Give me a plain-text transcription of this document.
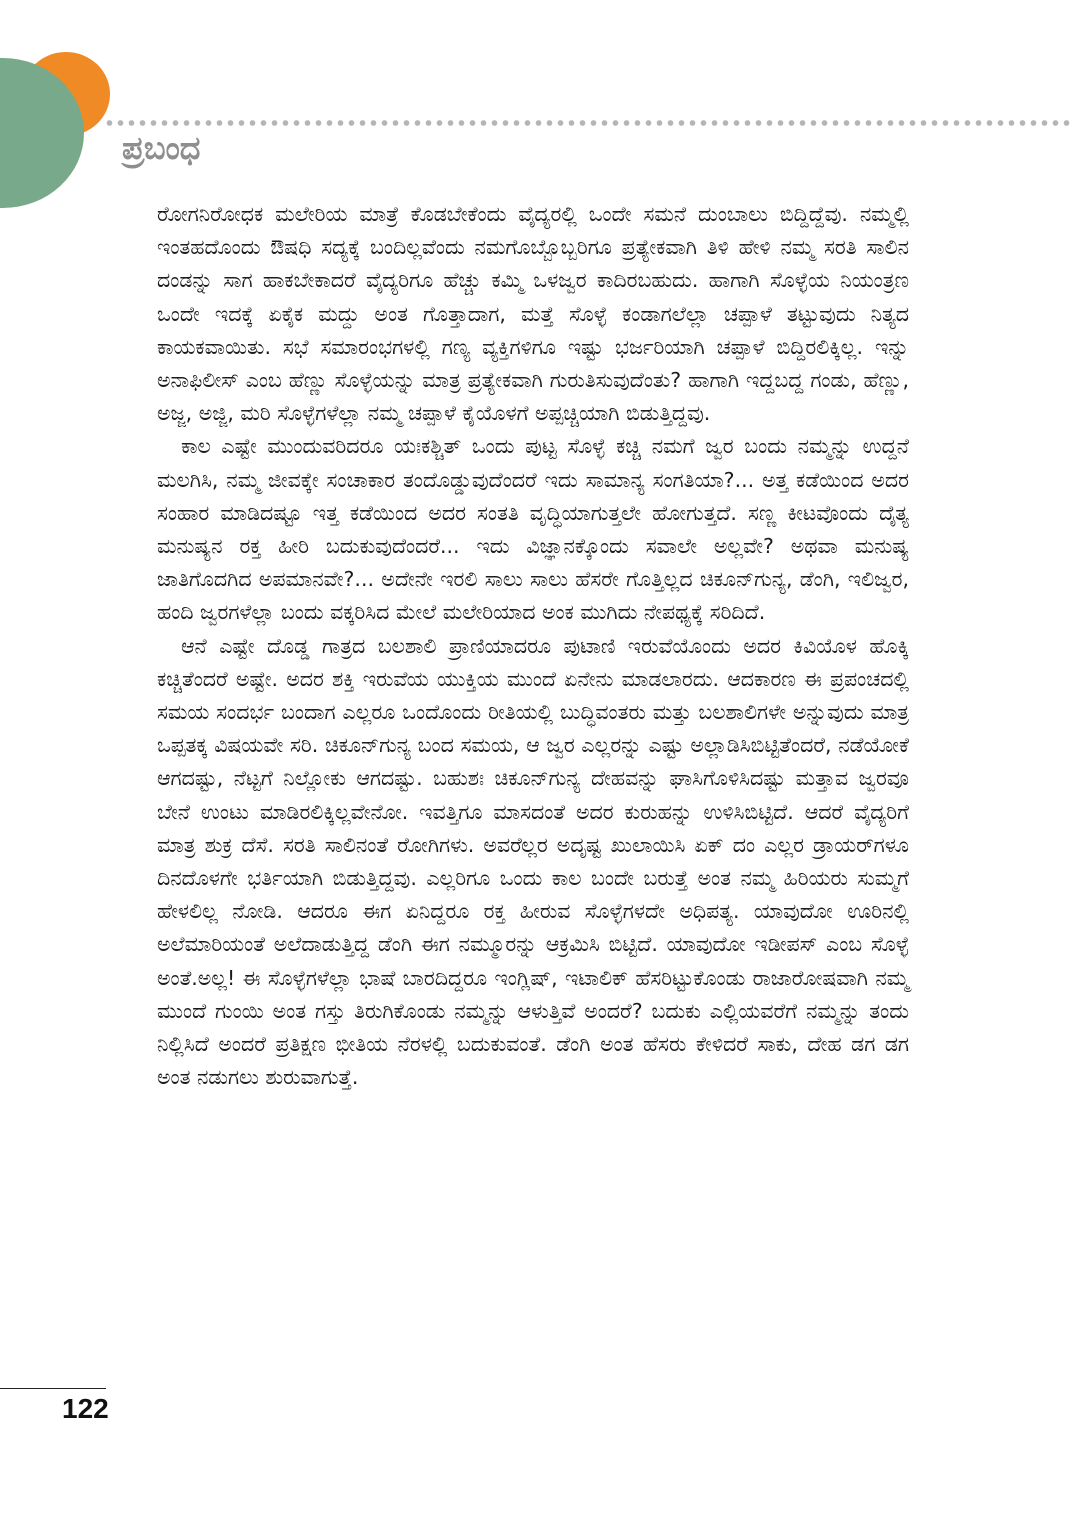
ಪ್ರಬಂಧ

ರೋಗನಿರೋಧಕ ಮಲೇರಿಯ ಮಾತ್ರೆ ಕೊಡಬೇಕೆಂದು ವೈದ್ಯರಲ್ಲಿ ಒಂದೇ ಸಮನೆ ದುಂಬಾಲು ಬಿದ್ದಿದ್ದೆವು. ನಮ್ಮಲ್ಲಿ ಇಂತಹದೊಂದು ಔಷಧಿ ಸದ್ಯಕ್ಕೆ ಬಂದಿಲ್ಲವೆಂದು ನಮಗೊಬ್ಬೊಬ್ಬರಿಗೂ ಪ್ರತ್ಯೇಕವಾಗಿ ತಿಳಿ ಹೇಳಿ ನಮ್ಮ ಸರತಿ ಸಾಲಿನ ದಂಡನ್ನು ಸಾಗ ಹಾಕಬೇಕಾದರೆ ವೈದ್ಯರಿಗೂ ಹೆಚ್ಚು ಕಮ್ಮಿ ಒಳಜ್ವರ ಕಾದಿರಬಹುದು. ಹಾಗಾಗಿ ಸೊಳ್ಳೆಯ ನಿಯಂತ್ರಣ ಒಂದೇ ಇದಕ್ಕೆ ಏಕೈಕ ಮದ್ದು ಅಂತ ಗೊತ್ತಾದಾಗ, ಮತ್ತೆ ಸೊಳ್ಳೆ ಕಂಡಾಗಲೆಲ್ಲಾ ಚಪ್ಪಾಳೆ ತಟ್ಟುವುದು ನಿತ್ಯದ ಕಾಯಕವಾಯಿತು. ಸಭೆ ಸಮಾರಂಭಗಳಲ್ಲಿ ಗಣ್ಯ ವ್ಯಕ್ತಿಗಳಿಗೂ ಇಷ್ಟು ಭರ್ಜರಿಯಾಗಿ ಚಪ್ಪಾಳೆ ಬಿದ್ದಿರಲಿಕ್ಕಿಲ್ಲ. ಇನ್ನು ಅನಾಫಿಲೀಸ್ ಎಂಬ ಹೆಣ್ಣು ಸೊಳ್ಳೆಯನ್ನು ಮಾತ್ರ ಪ್ರತ್ಯೇಕವಾಗಿ ಗುರುತಿಸುವುದೆಂತು? ಹಾಗಾಗಿ ಇದ್ದಬದ್ದ ಗಂಡು, ಹೆಣ್ಣು, ಅಜ್ಜ, ಅಜ್ಜಿ, ಮರಿ ಸೊಳ್ಳೆಗಳೆಲ್ಲಾ ನಮ್ಮ ಚಪ್ಪಾಳೆ ಕೈಯೊಳಗೆ ಅಪ್ಪಚ್ಚಿಯಾಗಿ ಬಿಡುತ್ತಿದ್ದವು.

ಕಾಲ ಎಷ್ಟೇ ಮುಂದುವರಿದರೂ ಯಃಕಶ್ಚಿತ್ ಒಂದು ಪುಟ್ಟ ಸೊಳ್ಳೆ ಕಚ್ಚಿ ನಮಗೆ ಜ್ವರ ಬಂದು ನಮ್ಮನ್ನು ಉದ್ದನೆ ಮಲಗಿಸಿ, ನಮ್ಮ ಜೀವಕ್ಕೇ ಸಂಚಾಕಾರ ತಂದೊಡ್ಡುವುದೆಂದರೆ ಇದು ಸಾಮಾನ್ಯ ಸಂಗತಿಯಾ?... ಅತ್ತ ಕಡೆಯಿಂದ ಅದರ ಸಂಹಾರ ಮಾಡಿದಷ್ಟೂ ಇತ್ತ ಕಡೆಯಿಂದ ಅದರ ಸಂತತಿ ವೃದ್ಧಿಯಾಗುತ್ತಲೇ ಹೋಗುತ್ತದೆ. ಸಣ್ಣ ಕೀಟವೊಂದು ದೈತ್ಯ ಮನುಷ್ಯನ ರಕ್ತ ಹೀರಿ ಬದುಕುವುದೆಂದರೆ... ಇದು ವಿಜ್ಞಾನಕ್ಕೊಂದು ಸವಾಲೇ ಅಲ್ಲವೇ? ಅಥವಾ ಮನುಷ್ಯ ಜಾತಿಗೊದಗಿದ ಅಪಮಾನವೇ?... ಅದೇನೇ ಇರಲಿ ಸಾಲು ಸಾಲು ಹೆಸರೇ ಗೊತ್ತಿಲ್ಲದ ಚಿಕೂನ್‌ಗುನ್ಯ, ಡೆಂಗಿ, ಇಲಿಜ್ವರ, ಹಂದಿ ಜ್ವರಗಳೆಲ್ಲಾ ಬಂದು ವಕ್ಕರಿಸಿದ ಮೇಲೆ ಮಲೇರಿಯಾದ ಅಂಕ ಮುಗಿದು ನೇಪಥ್ಯಕ್ಕೆ ಸರಿದಿದೆ.

ಆನೆ ಎಷ್ಟೇ ದೊಡ್ಡ ಗಾತ್ರದ ಬಲಶಾಲಿ ಪ್ರಾಣಿಯಾದರೂ ಪುಟಾಣಿ ಇರುವೆಯೊಂದು ಅದರ ಕಿವಿಯೊಳ ಹೊಕ್ಕಿ ಕಚ್ಚಿತೆಂದರೆ ಅಷ್ಟೇ. ಅದರ ಶಕ್ತಿ ಇರುವೆಯ ಯುಕ್ತಿಯ ಮುಂದೆ ಏನೇನು ಮಾಡಲಾರದು. ಆದಕಾರಣ ಈ ಪ್ರಪಂಚದಲ್ಲಿ ಸಮಯ ಸಂದರ್ಭ ಬಂದಾಗ ಎಲ್ಲರೂ ಒಂದೊಂದು ರೀತಿಯಲ್ಲಿ ಬುದ್ಧಿವಂತರು ಮತ್ತು ಬಲಶಾಲಿಗಳೇ ಅನ್ನುವುದು ಮಾತ್ರ ಒಪ್ಪತಕ್ಕ ವಿಷಯವೇ ಸರಿ. ಚಿಕೂನ್‌ಗುನ್ಯ ಬಂದ ಸಮಯ, ಆ ಜ್ವರ ಎಲ್ಲರನ್ನು ಎಷ್ಟು ಅಲ್ಲಾಡಿಸಿಬಿಟ್ಟಿತೆಂದರೆ, ನಡೆಯೋಕೆ ಆಗದಷ್ಟು, ನೆಟ್ಟಗೆ ನಿಲ್ಲೋಕು ಆಗದಷ್ಟು. ಬಹುಶಃ ಚಿಕೂನ್‌ಗುನ್ಯ ದೇಹವನ್ನು ಘಾಸಿಗೊಳಿಸಿದಷ್ಟು ಮತ್ತಾವ ಜ್ವರವೂ ಬೇನೆ ಉಂಟು ಮಾಡಿರಲಿಕ್ಕಿಲ್ಲವೇನೋ. ಇವತ್ತಿಗೂ ಮಾಸದಂತೆ ಅದರ ಕುರುಹನ್ನು ಉಳಿಸಿಬಿಟ್ಟಿದೆ. ಆದರೆ ವೈದ್ಯರಿಗೆ ಮಾತ್ರ ಶುಕ್ರ ದೆಸೆ. ಸರತಿ ಸಾಲಿನಂತೆ ರೋಗಿಗಳು. ಅವರೆಲ್ಲರ ಅದೃಷ್ಟ ಖುಲಾಯಿಸಿ ಏಕ್ ದಂ ಎಲ್ಲರ ಡ್ರಾಯರ್‌ಗಳೂ ದಿನದೊಳಗೇ ಭರ್ತಿಯಾಗಿ ಬಿಡುತ್ತಿದ್ದವು. ಎಲ್ಲರಿಗೂ ಒಂದು ಕಾಲ ಬಂದೇ ಬರುತ್ತೆ ಅಂತ ನಮ್ಮ ಹಿರಿಯರು ಸುಮ್ಮಗೆ ಹೇಳಲಿಲ್ಲ ನೋಡಿ. ಆದರೂ ಈಗ ಏನಿದ್ದರೂ ರಕ್ತ ಹೀರುವ ಸೊಳ್ಳೆಗಳದೇ ಅಧಿಪತ್ಯ. ಯಾವುದೋ ಊರಿನಲ್ಲಿ ಅಲೆಮಾರಿಯಂತೆ ಅಲೆದಾಡುತ್ತಿದ್ದ ಡೆಂಗಿ ಈಗ ನಮ್ಮೂರನ್ನು ಆಕ್ರಮಿಸಿ ಬಿಟ್ಟಿದೆ. ಯಾವುದೋ ಇಡೀಪಸ್ ಎಂಬ ಸೊಳ್ಳೆ ಅಂತೆ.ಅಲ್ಲ! ಈ ಸೊಳ್ಳೆಗಳೆಲ್ಲಾ ಭಾಷೆ ಬಾರದಿದ್ದರೂ ಇಂಗ್ಲಿಷ್, ಇಟಾಲಿಕ್ ಹೆಸರಿಟ್ಟುಕೊಂಡು ರಾಜಾರೋಷವಾಗಿ ನಮ್ಮ ಮುಂದೆ ಗುಂಯಿ ಅಂತ ಗಸ್ತು ತಿರುಗಿಕೊಂಡು ನಮ್ಮನ್ನು ಆಳುತ್ತಿವೆ ಅಂದರೆ? ಬದುಕು ಎಲ್ಲಿಯವರೆಗೆ ನಮ್ಮನ್ನು ತಂದು ನಿಲ್ಲಿಸಿದೆ ಅಂದರೆ ಪ್ರತಿಕ್ಷಣ ಭೀತಿಯ ನೆರಳಲ್ಲಿ ಬದುಕುವಂತೆ. ಡೆಂಗಿ ಅಂತ ಹೆಸರು ಕೇಳಿದರೆ ಸಾಕು, ದೇಹ ಡಗ ಡಗ ಅಂತ ನಡುಗಲು ಶುರುವಾಗುತ್ತೆ.

122
